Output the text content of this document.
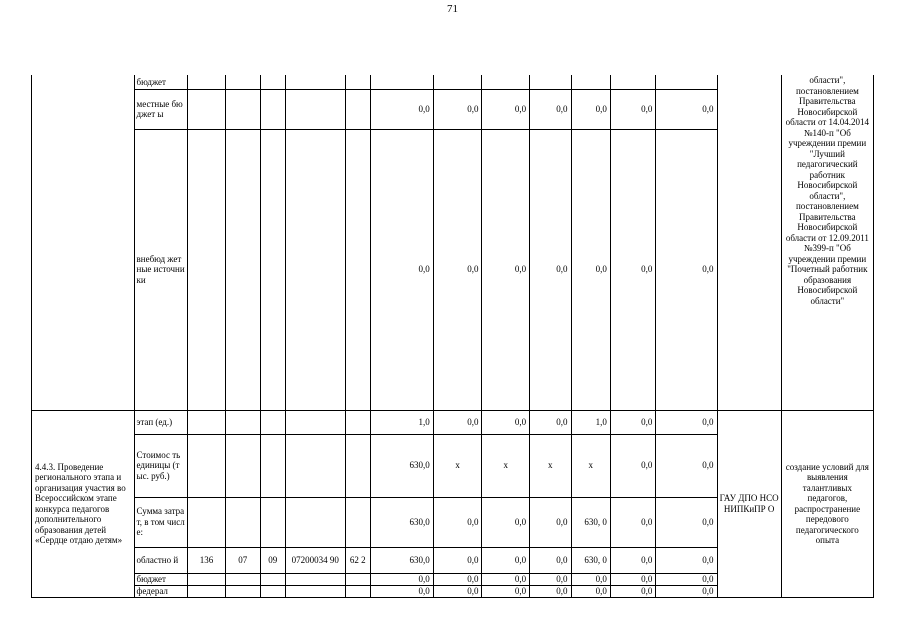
71
	бюджет														области", постановлением Правительства Новосибирской области от 14.04.2014 №140-п "Об учреждении премии "Лучший педагогический работник Новосибирской области", постановлением Правительства Новосибирской области от 12.09.2011 №399-п "Об учреждении премии "Почетный работник образования Новосибирской области"
	местные бюджет ы						0,0	0,0	0,0	0,0	0,0	0,0	0,0		
	внебюд жетные источни ки						0,0	0,0	0,0	0,0	0,0	0,0	0,0		
4.4.3. Проведение регионального этапа и организация участия во Всероссийском этапе конкурса педагогов дополнительного образования детей «Сердце отдаю детям»	этап (ед.)						1,0	0,0	0,0	0,0	1,0	0,0	0,0	ГАУ ДПО НСО НИПКиПР О	создание условий для выявления талантливых педагогов, распространение передового педагогического опыта
	Стоимос ть единицы (тыс. руб.)						630,0	х	х	х	х	0,0	0,0		
	Сумма затрат, в том числе:						630,0	0,0	0,0	0,0	630, 0	0,0	0,0		
	областно й	136	07	09	07200034 90	62 2	630,0	0,0	0,0	0,0	630, 0	0,0	0,0		
	бюджет						0,0	0,0	0,0	0,0	0,0	0,0	0,0		
	федерал						0,0	0,0	0,0	0,0	0,0	0,0	0,0		
